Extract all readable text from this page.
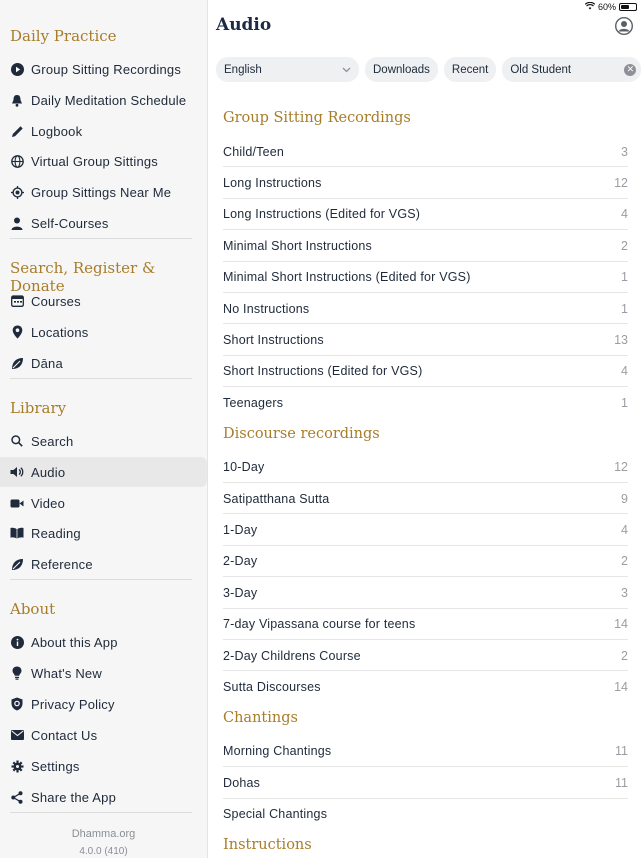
60%
Daily Practice
Group Sitting Recordings
Daily Meditation Schedule
Logbook
Virtual Group Sittings
Group Sittings Near Me
Self-Courses
Search, Register & Donate
Courses
Locations
Dāna
Library
Search
Audio
Video
Reading
Reference
About
About this App
What's New
Privacy Policy
Contact Us
Settings
Share the App
Dhamma.org
4.0.0 (410)
Audio
English	Downloads	Recent	Old Student	✕
Group Sitting Recordings
Child/Teen	3
Long Instructions	12
Long Instructions (Edited for VGS)	4
Minimal Short Instructions	2
Minimal Short Instructions (Edited for VGS)	1
No Instructions	1
Short Instructions	13
Short Instructions (Edited for VGS)	4
Teenagers	1
Discourse recordings
10-Day	12
Satipatthana Sutta	9
1-Day	4
2-Day	2
3-Day	3
7-day Vipassana course for teens	14
2-Day Childrens Course	2
Sutta Discourses	14
Chantings
Morning Chantings	11
Dohas	11
Special Chantings
Instructions
